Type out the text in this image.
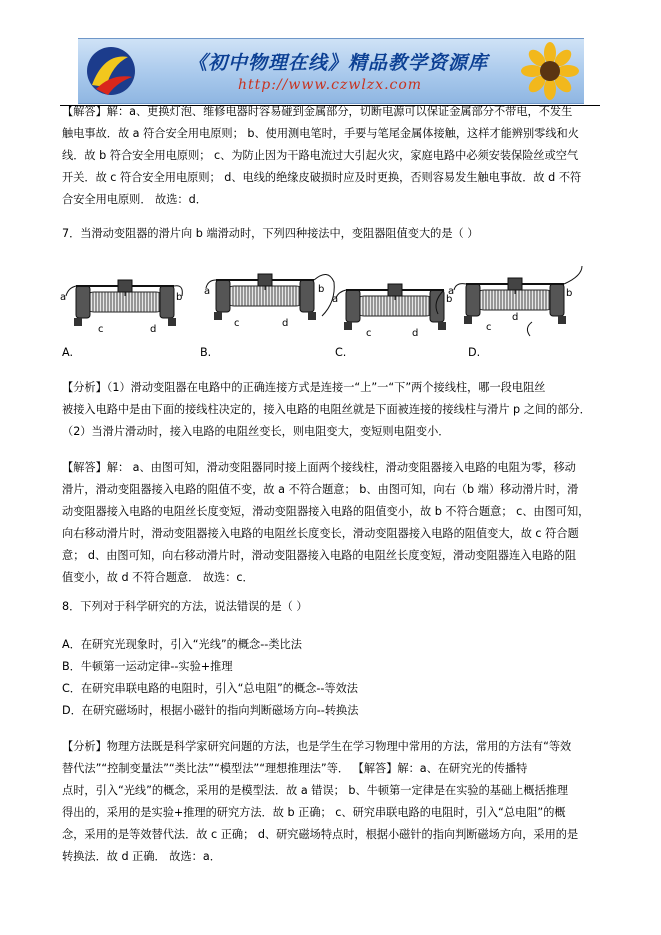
《初中物理在线》精品教学资源库
http://www.czwlzx.com
【解答】解：a、更换灯泡、维修电器时容易碰到金属部分，切断电源可以保证金属部分不带电，不发生
触电事故．故 a 符合安全用电原则； b、使用测电笔时，手要与笔尾金属体接触，这样才能辨别零线和火
线．故 b 符合安全用电原则； c、为防止因为干路电流过大引起火灾，家庭电路中必须安装保险丝或空气
开关．故 c 符合安全用电原则； d、电线的绝缘皮破损时应及时更换，否则容易发生触电事故．故 d 不符
合安全用电原则． 故选：d．
7．当滑动变阻器的滑片向 b 端滑动时，下列四种接法中，变阻器阻值变大的是（ ）
a	b
c	d
a	b
c	d
a	b
c	d
a	b
c
d
A.	B.	C.	D.
【分析】（1）滑动变阻器在电路中的正确连接方式是连接一“上”一“下”两个接线柱，哪一段电阻丝
被接入电路中是由下面的接线柱决定的，接入电路的电阻丝就是下面被连接的接线柱与滑片 p 之间的部分．
（2）当滑片滑动时，接入电路的电阻丝变长，则电阻变大，变短则电阻变小．
【解答】解： a、由图可知，滑动变阻器同时接上面两个接线柱，滑动变阻器接入电路的电阻为零，移动
滑片，滑动变阻器接入电路的阻值不变，故 a 不符合题意； b、由图可知，向右（b 端）移动滑片时，滑
动变阻器接入电路的电阻丝长度变短，滑动变阻器接入电路的阻值变小，故 b 不符合题意； c、由图可知，
向右移动滑片时，滑动变阻器接入电路的电阻丝长度变长，滑动变阻器接入电路的阻值变大，故 c 符合题
意； d、由图可知，向右移动滑片时，滑动变阻器接入电路的电阻丝长度变短，滑动变阻器连入电路的阻
值变小，故 d 不符合题意． 故选：c．
8．下列对于科学研究的方法，说法错误的是（ ）
A．在研究光现象时，引入“光线”的概念--类比法
B．牛顿第一运动定律--实验+推理
C．在研究串联电路的电阻时，引入“总电阻”的概念--等效法
D．在研究磁场时，根据小磁针的指向判断磁场方向--转换法
【分析】物理方法既是科学家研究问题的方法，也是学生在学习物理中常用的方法，常用的方法有“等效
替代法”“控制变量法”“类比法”“模型法”“理想推理法”等． 【解答】解：a、在研究光的传播特
点时，引入“光线”的概念，采用的是模型法．故 a 错误； b、牛顿第一定律是在实验的基础上概括推理
得出的，采用的是实验+推理的研究方法．故 b 正确； c、研究串联电路的电阻时，引入“总电阻”的概
念，采用的是等效替代法．故 c 正确； d、研究磁场特点时，根据小磁针的指向判断磁场方向，采用的是
转换法．故 d 正确． 故选：a．
